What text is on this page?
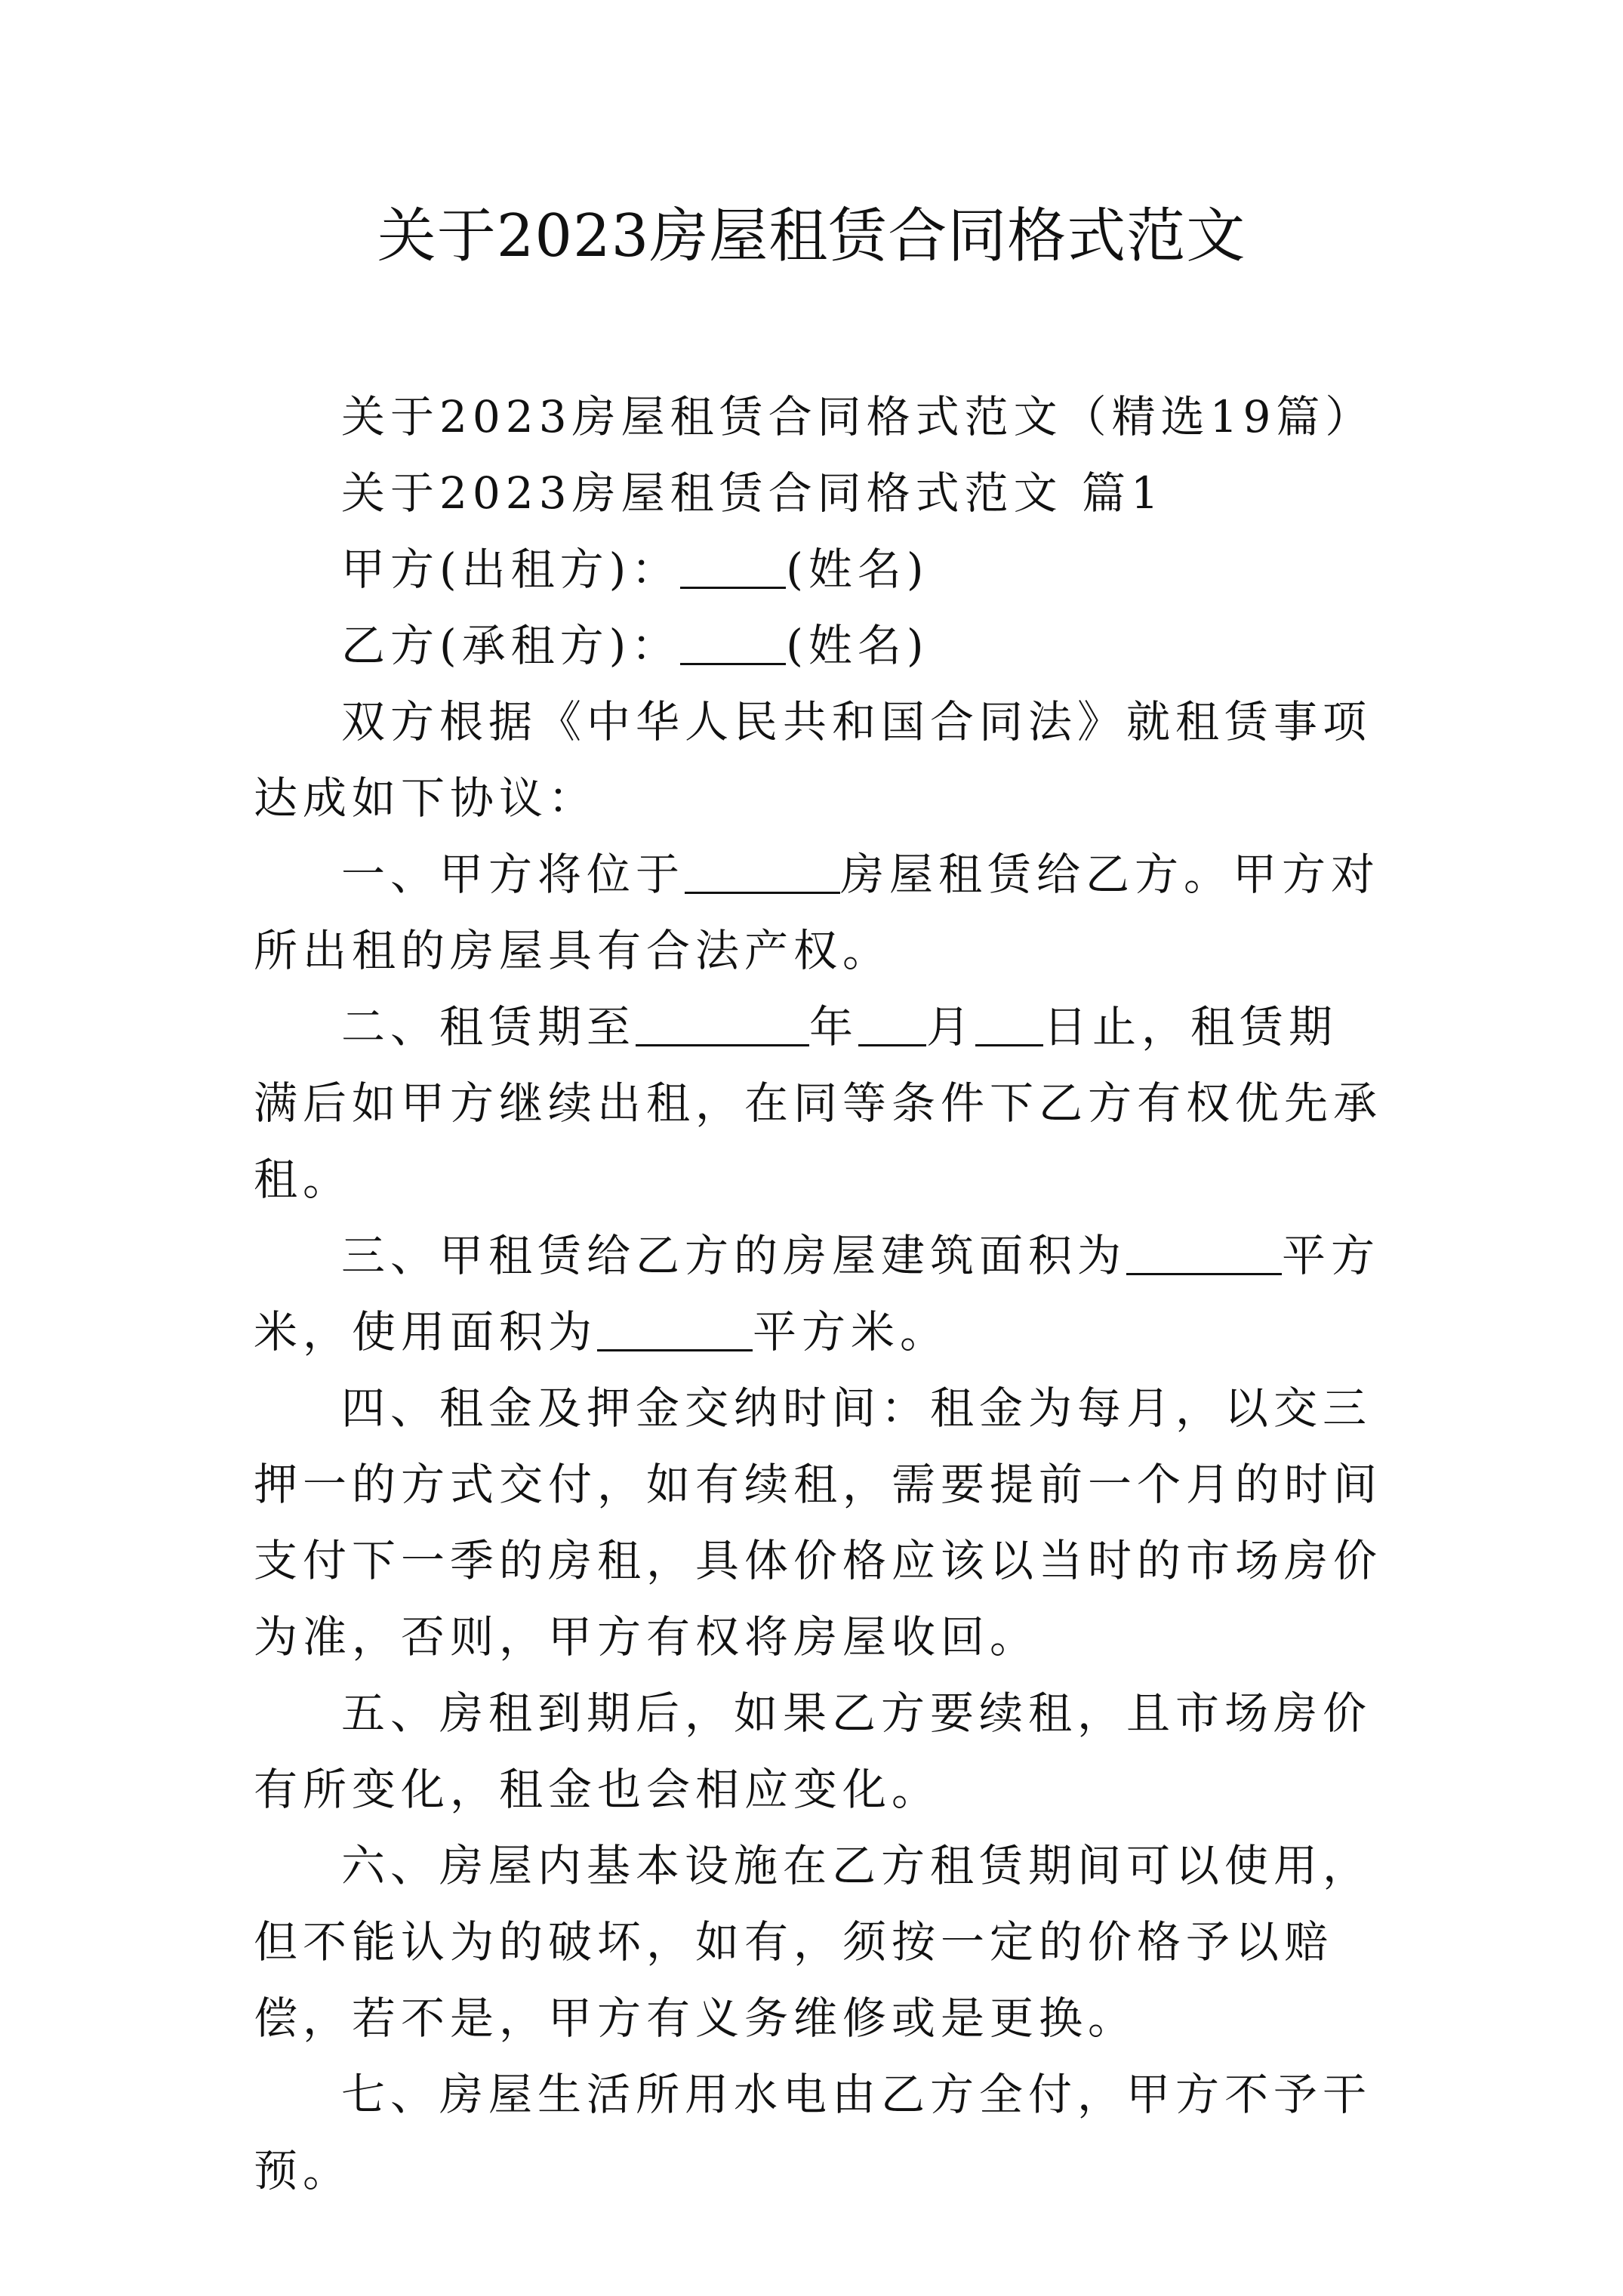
关于2023房屋租赁合同格式范文

关于2023房屋租赁合同格式范文（精选19篇）

关于2023房屋租赁合同格式范文 篇1

甲方(出租方)： (姓名)

乙方(承租方)： (姓名)

双方根据《中华人民共和国合同法》就租赁事项达成如下协议：

一、甲方将位于	房屋租赁给乙方。甲方对所出租的房屋具有合法产权。

二、租赁期至	年 月 日止，租赁期满后如甲方继续出租，在同等条件下乙方有权优先承租。

三、甲租赁给乙方的房屋建筑面积为	平方米，使用面积为	平方米。

四、租金及押金交纳时间：租金为每月，以交三押一的方式交付，如有续租，需要提前一个月的时间支付下一季的房租，具体价格应该以当时的市场房价为准，否则，甲方有权将房屋收回。

五、房租到期后，如果乙方要续租，且市场房价有所变化，租金也会相应变化。

六、房屋内基本设施在乙方租赁期间可以使用，但不能认为的破坏，如有，须按一定的价格予以赔偿，若不是，甲方有义务维修或是更换。

七、房屋生活所用水电由乙方全付，甲方不予干预。
